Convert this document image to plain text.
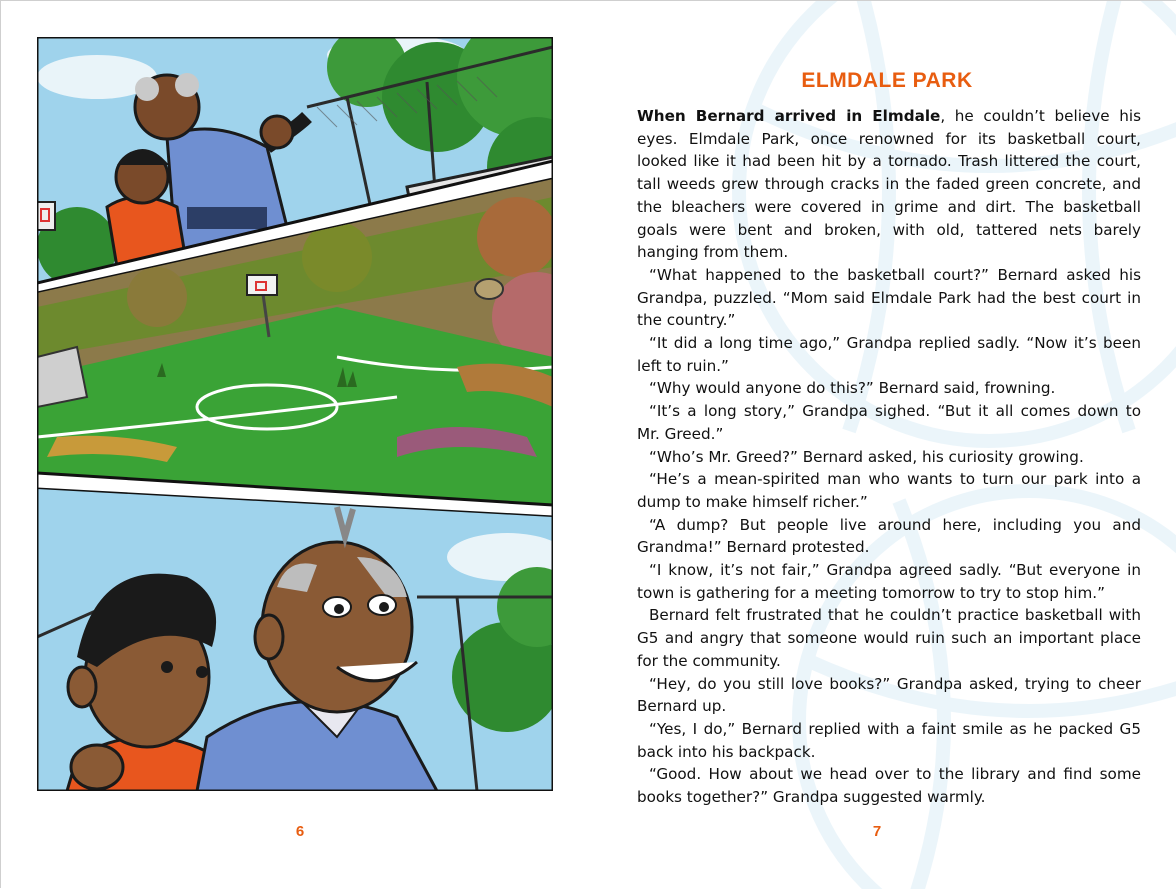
6
ELMDALE PARK

When Bernard arrived in Elmdale, he couldn’t believe his eyes. Elmdale Park, once renowned for its basketball court, looked like it had been hit by a tornado. Trash littered the court, tall weeds grew through cracks in the faded green concrete, and the bleachers were covered in grime and dirt. The basketball goals were bent and broken, with old, tattered nets barely hanging from them.

“What happened to the basketball court?” Bernard asked his Grandpa, puzzled. “Mom said Elmdale Park had the best court in the country.”

“It did a long time ago,” Grandpa replied sadly. “Now it’s been left to ruin.”

“Why would anyone do this?” Bernard said, frowning.

“It’s a long story,” Grandpa sighed. “But it all comes down to Mr. Greed.”

“Who’s Mr. Greed?” Bernard asked, his curiosity growing.

“He’s a mean-spirited man who wants to turn our park into a dump to make himself richer.”

“A dump? But people live around here, including you and Grandma!” Bernard protested.

“I know, it’s not fair,” Grandpa agreed sadly. “But everyone in town is gathering for a meeting tomorrow to try to stop him.”

Bernard felt frustrated that he couldn’t practice basketball with G5 and angry that someone would ruin such an important place for the community.

“Hey, do you still love books?” Grandpa asked, trying to cheer Bernard up.

“Yes, I do,” Bernard replied with a faint smile as he packed G5 back into his backpack.

“Good. How about we head over to the library and find some books together?” Grandpa suggested warmly.

7
